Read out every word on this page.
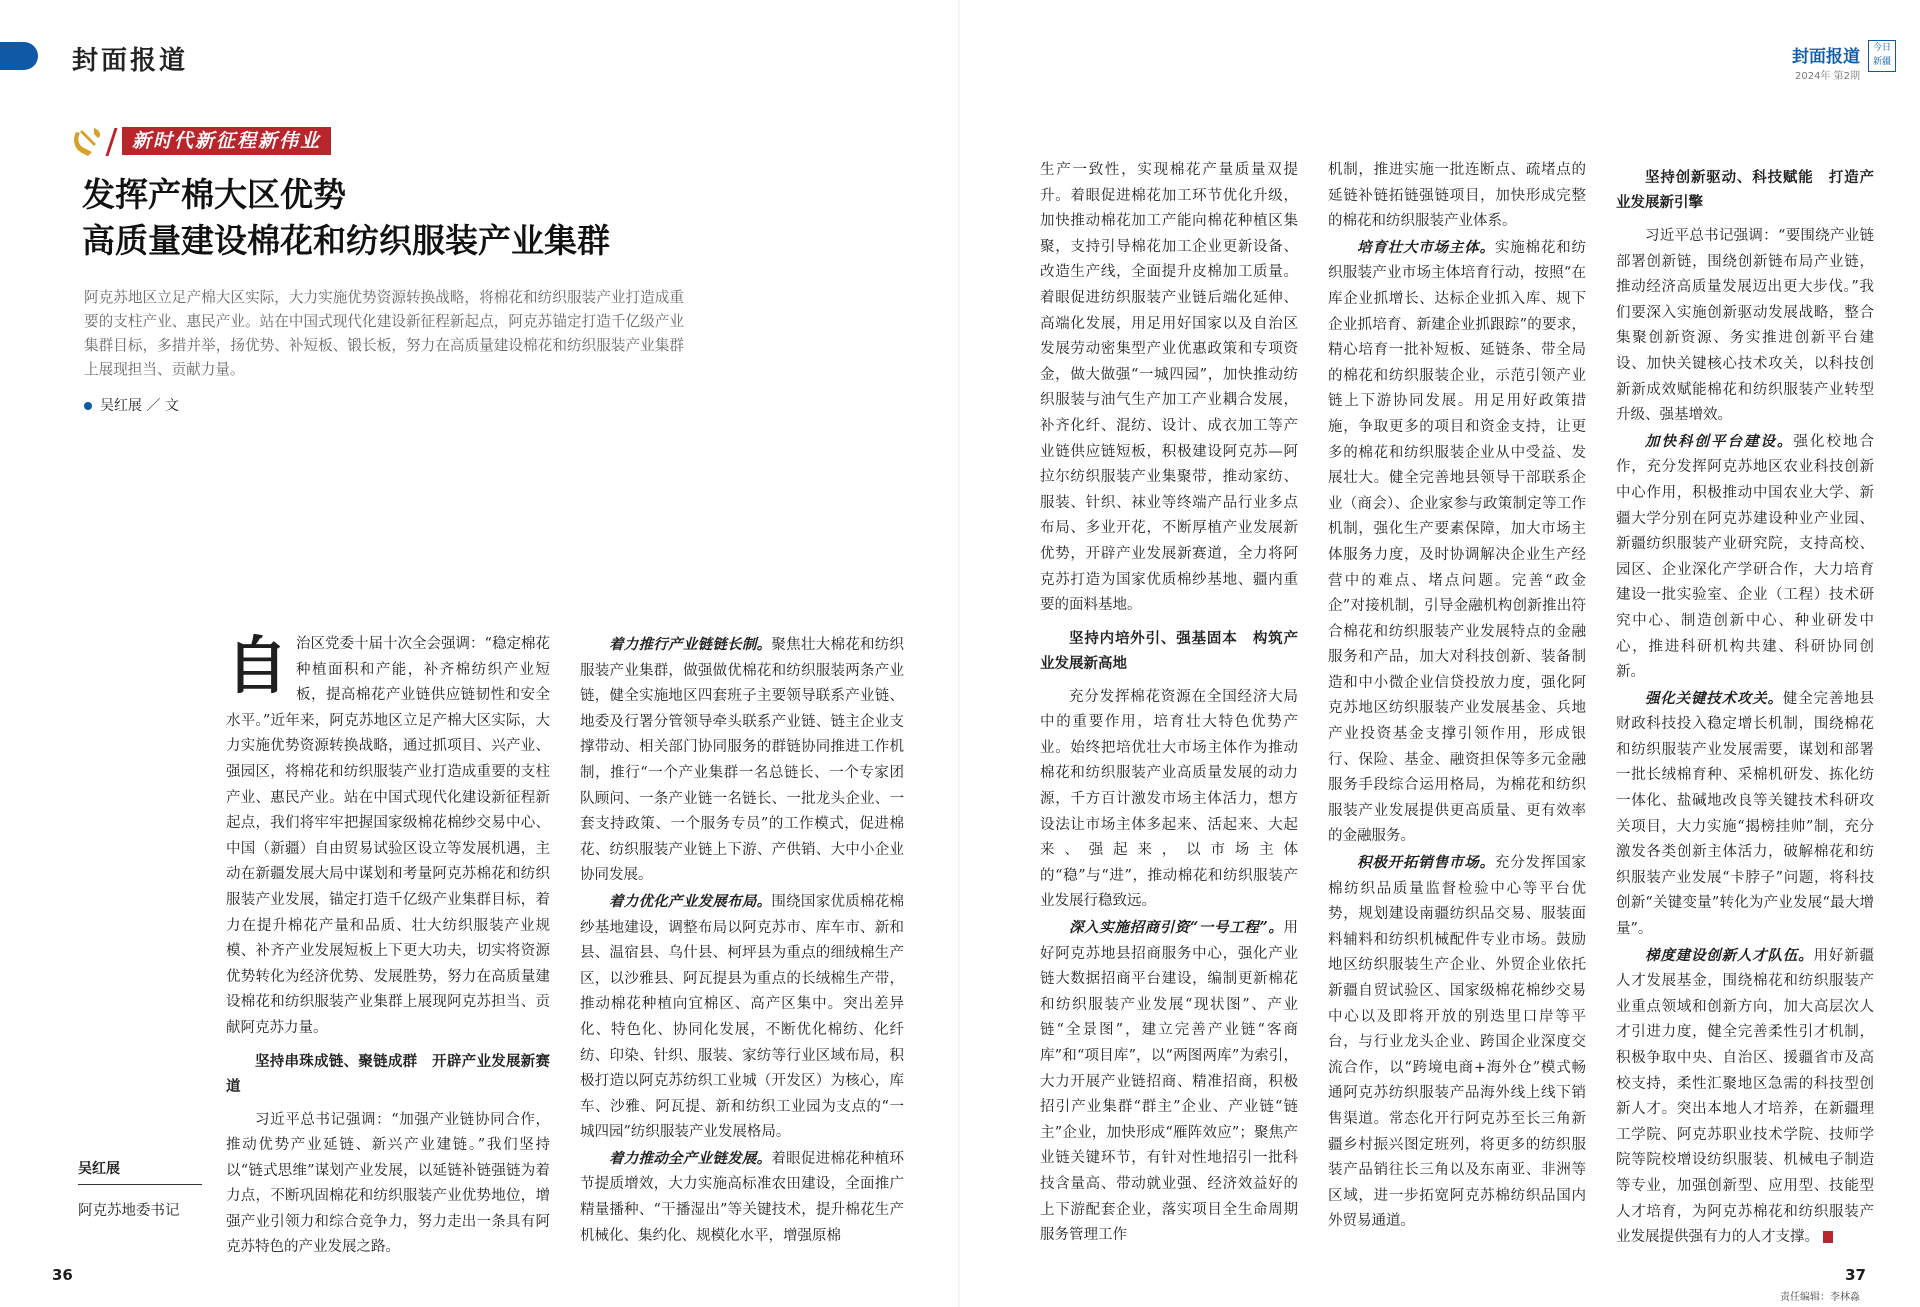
封面报道	封面报道
2024年 第2期
今日新疆
新时代新征程新伟业
发挥产棉大区优势
高质量建设棉花和纺织服装产业集群
阿克苏地区立足产棉大区实际，大力实施优势资源转换战略，将棉花和纺织服装产业打造成重要的支柱产业、惠民产业。站在中国式现代化建设新征程新起点，阿克苏锚定打造千亿级产业集群目标，多措并举，扬优势、补短板、锻长板，努力在高质量建设棉花和纺织服装产业集群上展现担当、贡献力量。
吴红展 ／ 文
吴红展
阿克苏地委书记

自治区党委十届十次全会强调：“稳定棉花种植面积和产能，补齐棉纺织产业短板，提高棉花产业链供应链韧性和安全水平。”近年来，阿克苏地区立足产棉大区实际，大力实施优势资源转换战略，通过抓项目、兴产业、强园区，将棉花和纺织服装产业打造成重要的支柱产业、惠民产业。站在中国式现代化建设新征程新起点，我们将牢牢把握国家级棉花棉纱交易中心、中国（新疆）自由贸易试验区设立等发展机遇，主动在新疆发展大局中谋划和考量阿克苏棉花和纺织服装产业发展，锚定打造千亿级产业集群目标，着力在提升棉花产量和品质、壮大纺织服装产业规模、补齐产业发展短板上下更大功夫，切实将资源优势转化为经济优势、发展胜势，努力在高质量建设棉花和纺织服装产业集群上展现阿克苏担当、贡献阿克苏力量。

坚持串珠成链、聚链成群　开辟产业发展新赛道

习近平总书记强调：“加强产业链协同合作，推动优势产业延链、新兴产业建链。”我们坚持以“链式思维”谋划产业发展，以延链补链强链为着力点，不断巩固棉花和纺织服装产业优势地位，增强产业引领力和综合竞争力，努力走出一条具有阿克苏特色的产业发展之路。

着力推行产业链链长制。聚焦壮大棉花和纺织服装产业集群，做强做优棉花和纺织服装两条产业链，健全实施地区四套班子主要领导联系产业链、地委及行署分管领导牵头联系产业链、链主企业支撑带动、相关部门协同服务的群链协同推进工作机制，推行“一个产业集群一名总链长、一个专家团队顾问、一条产业链一名链长、一批龙头企业、一套支持政策、一个服务专员”的工作模式，促进棉花、纺织服装产业链上下游、产供销、大中小企业协同发展。

着力优化产业发展布局。围绕国家优质棉花棉纱基地建设，调整布局以阿克苏市、库车市、新和县、温宿县、乌什县、柯坪县为重点的细绒棉生产区，以沙雅县、阿瓦提县为重点的长绒棉生产带，推动棉花种植向宜棉区、高产区集中。突出差异化、特色化、协同化发展，不断优化棉纺、化纤纺、印染、针织、服装、家纺等行业区域布局，积极打造以阿克苏纺织工业城（开发区）为核心，库车、沙雅、阿瓦提、新和纺织工业园为支点的“一城四园”纺织服装产业发展格局。

着力推动全产业链发展。着眼促进棉花种植环节提质增效，大力实施高标准农田建设，全面推广精量播种、“干播湿出”等关键技术，提升棉花生产机械化、集约化、规模化水平，增强原棉

生产一致性，实现棉花产量质量双提升。着眼促进棉花加工环节优化升级，加快推动棉花加工产能向棉花种植区集聚，支持引导棉花加工企业更新设备、改造生产线，全面提升皮棉加工质量。着眼促进纺织服装产业链后端化延伸、高端化发展，用足用好国家以及自治区发展劳动密集型产业优惠政策和专项资金，做大做强“一城四园”，加快推动纺织服装与油气生产加工产业耦合发展，补齐化纤、混纺、设计、成衣加工等产业链供应链短板，积极建设阿克苏—阿拉尔纺织服装产业集聚带，推动家纺、服装、针织、袜业等终端产品行业多点布局、多业开花，不断厚植产业发展新优势，开辟产业发展新赛道，全力将阿克苏打造为国家优质棉纱基地、疆内重要的面料基地。

坚持内培外引、强基固本　构筑产业发展新高地

充分发挥棉花资源在全国经济大局中的重要作用，培育壮大特色优势产业。始终把培优壮大市场主体作为推动棉花和纺织服装产业高质量发展的动力源，千方百计激发市场主体活力，想方设法让市场主体多起来、活起来、大起来、强起来，以市场主体的“稳”与“进”，推动棉花和纺织服装产业发展行稳致远。

深入实施招商引资“一号工程”。用好阿克苏地县招商服务中心，强化产业链大数据招商平台建设，编制更新棉花和纺织服装产业发展“现状图”、产业链“全景图”，建立完善产业链“客商库”和“项目库”，以“两图两库”为索引，大力开展产业链招商、精准招商，积极招引产业集群“群主”企业、产业链“链主”企业，加快形成“雁阵效应”；聚焦产业链关键环节，有针对性地招引一批科技含量高、带动就业强、经济效益好的上下游配套企业，落实项目全生命周期服务管理工作

机制，推进实施一批连断点、疏堵点的延链补链拓链强链项目，加快形成完整的棉花和纺织服装产业体系。

培育壮大市场主体。实施棉花和纺织服装产业市场主体培育行动，按照“在库企业抓增长、达标企业抓入库、规下企业抓培育、新建企业抓跟踪”的要求，精心培育一批补短板、延链条、带全局的棉花和纺织服装企业，示范引领产业链上下游协同发展。用足用好政策措施，争取更多的项目和资金支持，让更多的棉花和纺织服装企业从中受益、发展壮大。健全完善地县领导干部联系企业（商会）、企业家参与政策制定等工作机制，强化生产要素保障，加大市场主体服务力度，及时协调解决企业生产经营中的难点、堵点问题。完善“政金企”对接机制，引导金融机构创新推出符合棉花和纺织服装产业发展特点的金融服务和产品，加大对科技创新、装备制造和中小微企业信贷投放力度，强化阿克苏地区纺织服装产业发展基金、兵地产业投资基金支撑引领作用，形成银行、保险、基金、融资担保等多元金融服务手段综合运用格局，为棉花和纺织服装产业发展提供更高质量、更有效率的金融服务。

积极开拓销售市场。充分发挥国家棉纺织品质量监督检验中心等平台优势，规划建设南疆纺织品交易、服装面料辅料和纺织机械配件专业市场。鼓励地区纺织服装生产企业、外贸企业依托新疆自贸试验区、国家级棉花棉纱交易中心以及即将开放的别迭里口岸等平台，与行业龙头企业、跨国企业深度交流合作，以“跨境电商+海外仓”模式畅通阿克苏纺织服装产品海外线上线下销售渠道。常态化开行阿克苏至长三角新疆乡村振兴图定班列，将更多的纺织服装产品销往长三角以及东南亚、非洲等区域，进一步拓宽阿克苏棉纺织品国内外贸易通道。

坚持创新驱动、科技赋能　打造产业发展新引擎

习近平总书记强调：“要围绕产业链部署创新链，围绕创新链布局产业链，推动经济高质量发展迈出更大步伐。”我们要深入实施创新驱动发展战略，整合集聚创新资源、务实推进创新平台建设、加快关键核心技术攻关，以科技创新新成效赋能棉花和纺织服装产业转型升级、强基增效。

加快科创平台建设。强化校地合作，充分发挥阿克苏地区农业科技创新中心作用，积极推动中国农业大学、新疆大学分别在阿克苏建设种业产业园、新疆纺织服装产业研究院，支持高校、园区、企业深化产学研合作，大力培育建设一批实验室、企业（工程）技术研究中心、制造创新中心、种业研发中心，推进科研机构共建、科研协同创新。

强化关键技术攻关。健全完善地县财政科技投入稳定增长机制，围绕棉花和纺织服装产业发展需要，谋划和部署一批长绒棉育种、采棉机研发、拣化纺一体化、盐碱地改良等关键技术科研攻关项目，大力实施“揭榜挂帅”制，充分激发各类创新主体活力，破解棉花和纺织服装产业发展“卡脖子”问题，将科技创新“关键变量”转化为产业发展“最大增量”。

梯度建设创新人才队伍。用好新疆人才发展基金，围绕棉花和纺织服装产业重点领域和创新方向，加大高层次人才引进力度，健全完善柔性引才机制，积极争取中央、自治区、援疆省市及高校支持，柔性汇聚地区急需的科技型创新人才。突出本地人才培养，在新疆理工学院、阿克苏职业技术学院、技师学院等院校增设纺织服装、机械电子制造等专业，加强创新型、应用型、技能型人才培育，为阿克苏棉花和纺织服装产业发展提供强有力的人才支撑。

36	37
责任编辑：李林淼
